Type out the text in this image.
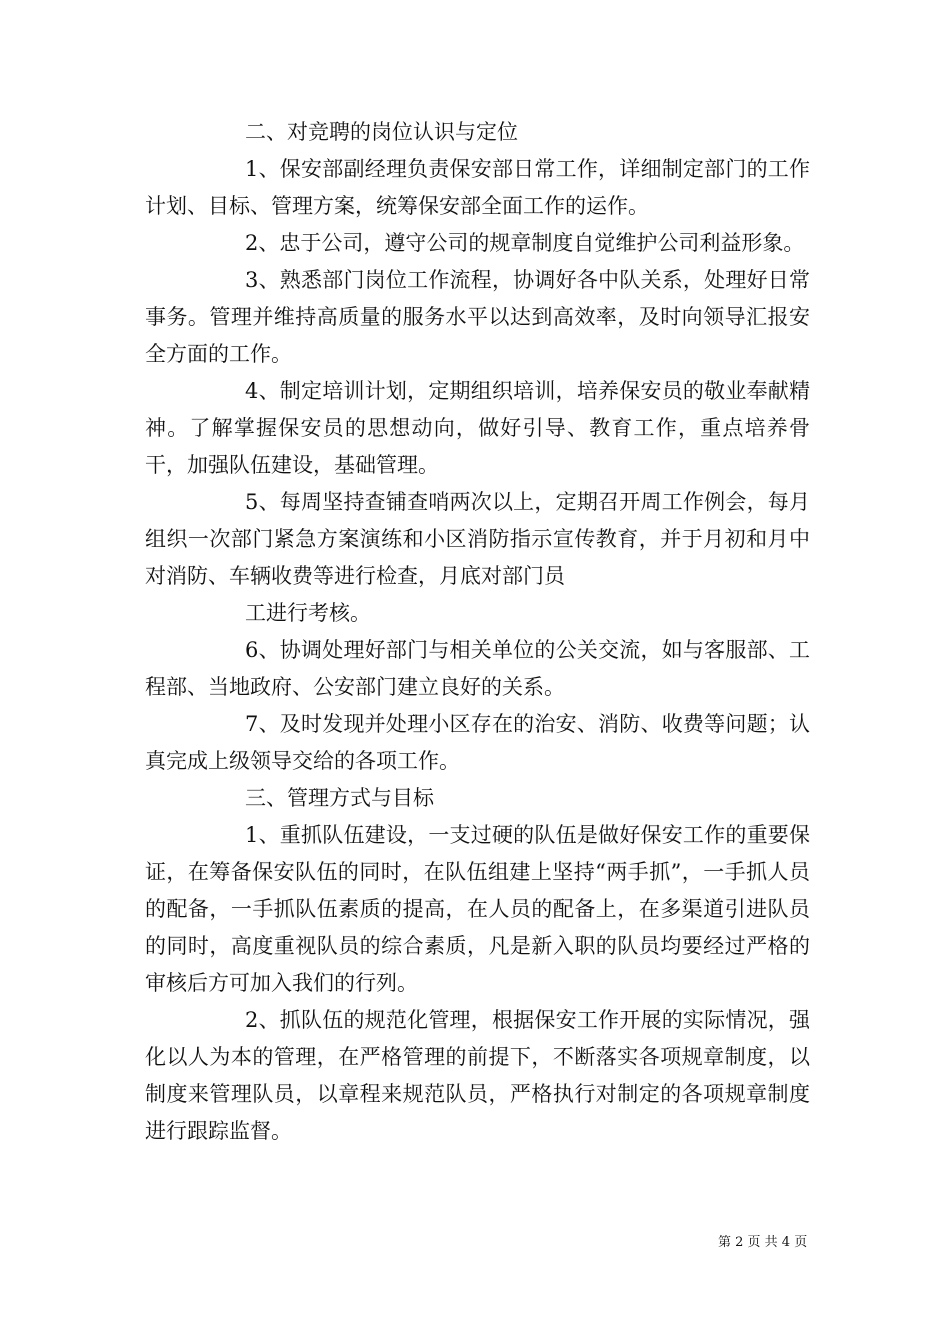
二、对竞聘的岗位认识与定位

1、保安部副经理负责保安部日常工作，详细制定部门的工作计划、目标、管理方案，统筹保安部全面工作的运作。

2、忠于公司，遵守公司的规章制度自觉维护公司利益形象。

3、熟悉部门岗位工作流程，协调好各中队关系，处理好日常事务。管理并维持高质量的服务水平以达到高效率，及时向领导汇报安全方面的工作。

4、制定培训计划，定期组织培训，培养保安员的敬业奉献精神。了解掌握保安员的思想动向，做好引导、教育工作，重点培养骨干，加强队伍建设，基础管理。

5、每周坚持查铺查哨两次以上，定期召开周工作例会，每月组织一次部门紧急方案演练和小区消防指示宣传教育，并于月初和月中对消防、车辆收费等进行检查，月底对部门员

工进行考核。

6、协调处理好部门与相关单位的公关交流，如与客服部、工程部、当地政府、公安部门建立良好的关系。

7、及时发现并处理小区存在的治安、消防、收费等问题；认真完成上级领导交给的各项工作。

三、管理方式与目标

1、重抓队伍建设，一支过硬的队伍是做好保安工作的重要保证，在筹备保安队伍的同时，在队伍组建上坚持“两手抓”，一手抓人员的配备，一手抓队伍素质的提高，在人员的配备上，在多渠道引进队员的同时，高度重视队员的综合素质，凡是新入职的队员均要经过严格的审核后方可加入我们的行列。

2、抓队伍的规范化管理，根据保安工作开展的实际情况，强化以人为本的管理，在严格管理的前提下，不断落实各项规章制度，以制度来管理队员，以章程来规范队员，严格执行对制定的各项规章制度进行跟踪监督。

第 2 页 共 4 页
